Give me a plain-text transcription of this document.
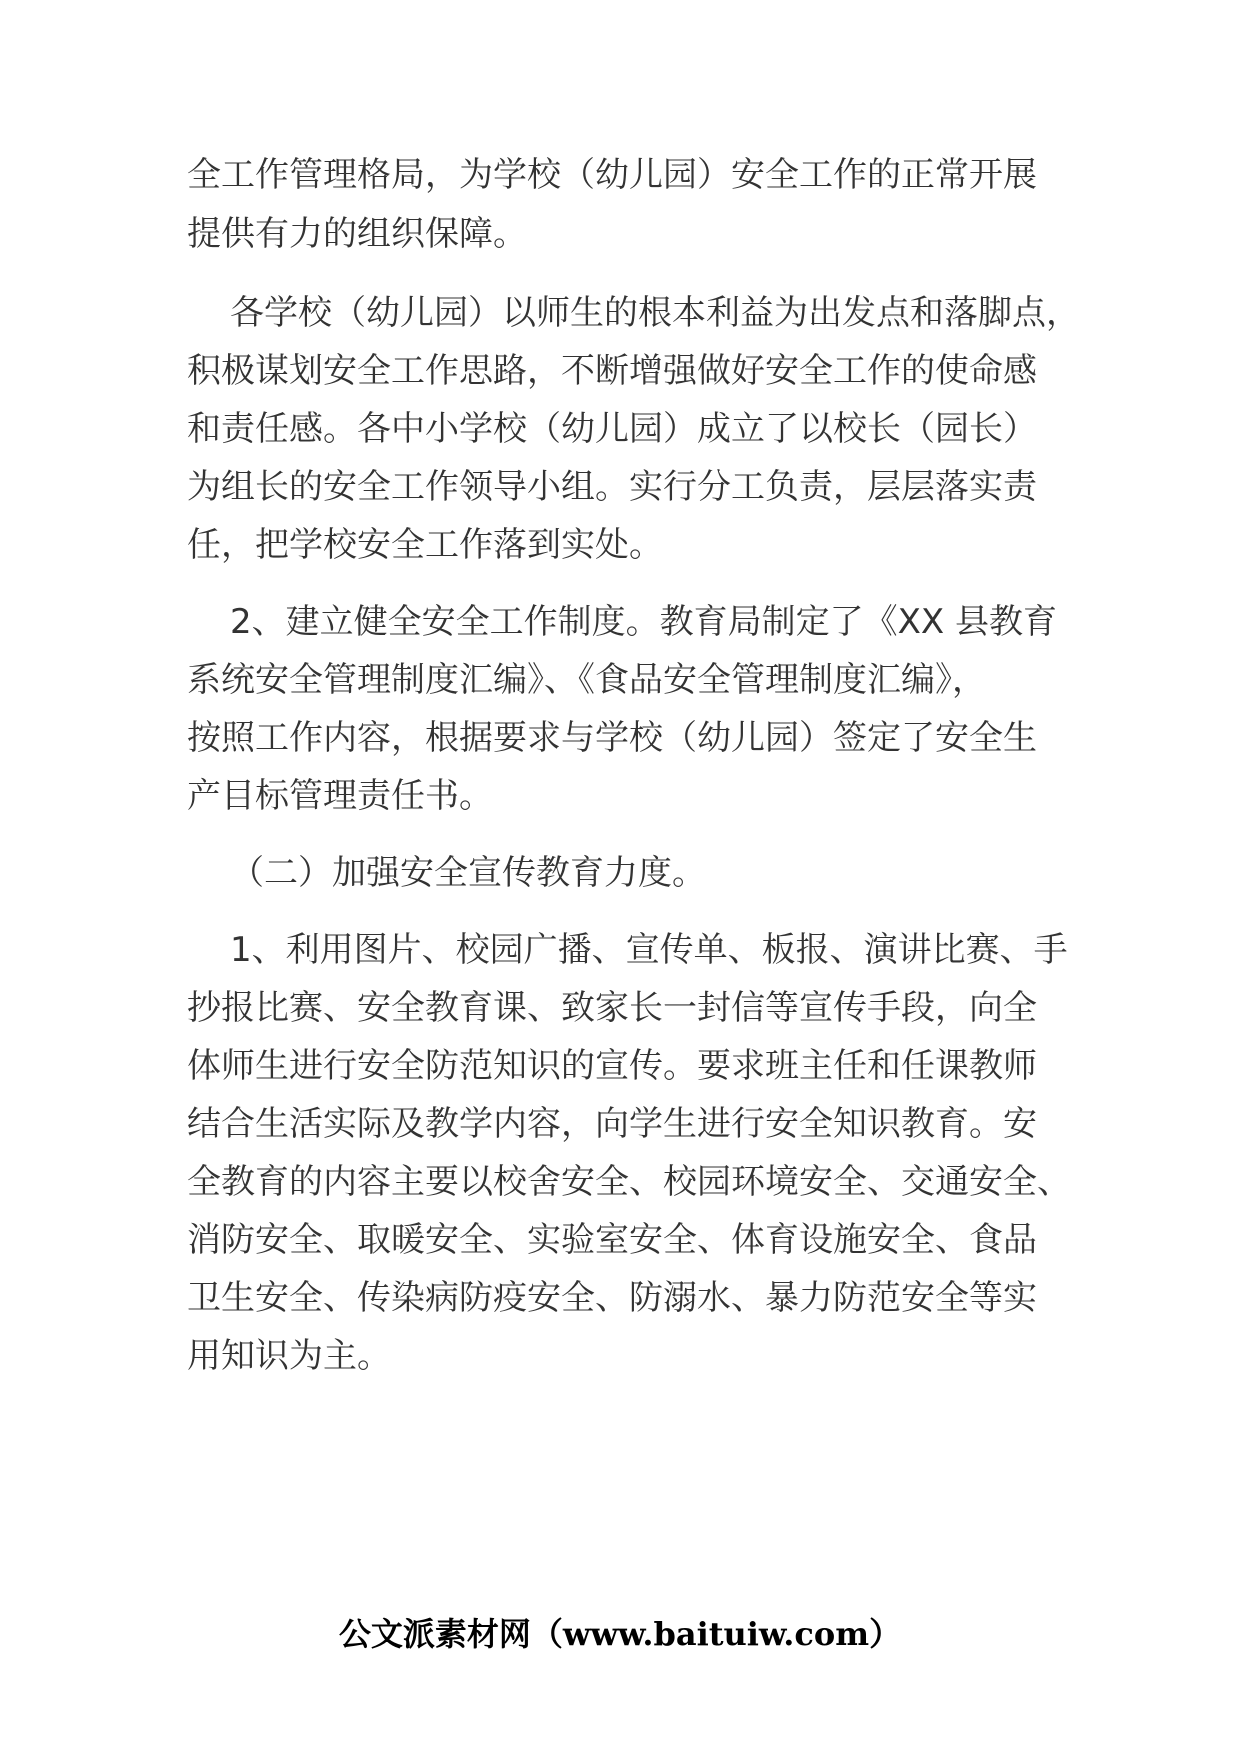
全工作管理格局，为学校（幼儿园）安全工作的正常开展
提供有力的组织保障。
各学校（幼儿园）以师生的根本利益为出发点和落脚点，
积极谋划安全工作思路，不断增强做好安全工作的使命感
和责任感。各中小学校（幼儿园）成立了以校长（园长）
为组长的安全工作领导小组。实行分工负责，层层落实责
任，把学校安全工作落到实处。
2、建立健全安全工作制度。教育局制定了《XX 县教育
系统安全管理制度汇编》、《食品安全管理制度汇编》，
按照工作内容，根据要求与学校（幼儿园）签定了安全生
产目标管理责任书。
（二）加强安全宣传教育力度。
1、利用图片、校园广播、宣传单、板报、演讲比赛、手
抄报比赛、安全教育课、致家长一封信等宣传手段，向全
体师生进行安全防范知识的宣传。要求班主任和任课教师
结合生活实际及教学内容，向学生进行安全知识教育。安
全教育的内容主要以校舍安全、校园环境安全、交通安全、
消防安全、取暖安全、实验室安全、体育设施安全、食品
卫生安全、传染病防疫安全、防溺水、暴力防范安全等实
用知识为主。
公文派素材网（www.baituiw.com）
